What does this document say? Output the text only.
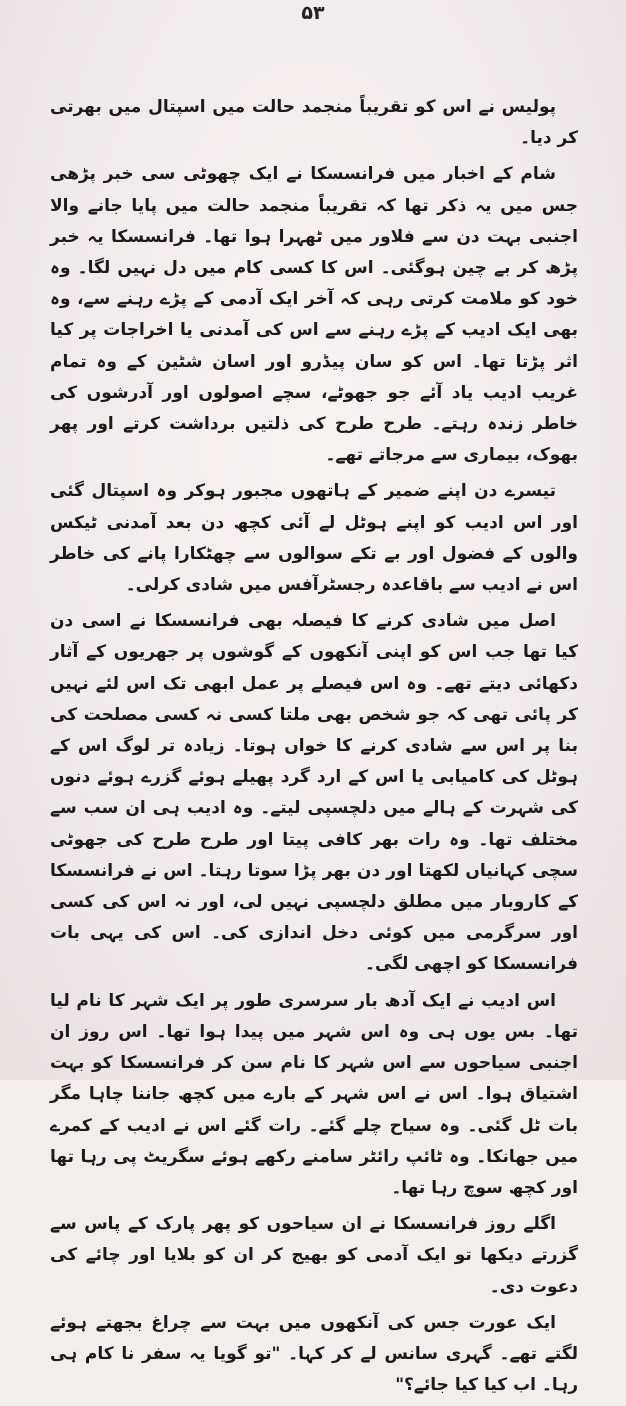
۵۳

پولیس نے اس کو تقریباً منجمد حالت میں اسپتال میں بھرتی کر دیا۔

شام کے اخبار میں فرانسسکا نے ایک چھوٹی سی خبر پڑھی جس میں یہ ذکر تھا کہ تقریباً منجمد حالت میں پایا جانے والا اجنبی بہت دن سے فلاور میں ٹھہرا ہوا تھا۔ فرانسسکا یہ خبر پڑھ کر بے چین ہوگئی۔ اس کا کسی کام میں دل نہیں لگا۔ وہ خود کو ملامت کرتی رہی کہ آخر ایک آدمی کے پڑے رہنے سے، وہ بھی ایک ادیب کے پڑے رہنے سے اس کی آمدنی یا اخراجات پر کیا اثر پڑتا تھا۔ اس کو سان پیڈرو اور اسان شٹین کے وہ تمام غریب ادیب یاد آئے جو جھوٹے، سچے اصولوں اور آدرشوں کی خاطر زندہ رہتے۔ طرح طرح کی ذلتیں برداشت کرتے اور پھر بھوک، بیماری سے مرجاتے تھے۔

تیسرے دن اپنے ضمیر کے ہاتھوں مجبور ہوکر وہ اسپتال گئی اور اس ادیب کو اپنے ہوٹل لے آئی کچھ دن بعد آمدنی ٹیکس والوں کے فضول اور بے تکے سوالوں سے چھٹکارا پانے کی خاطر اس نے ادیب سے باقاعدہ رجسٹرآفس میں شادی کرلی۔

اصل میں شادی کرنے کا فیصلہ بھی فرانسسکا نے اسی دن کیا تھا جب اس کو اپنی آنکھوں کے گوشوں پر جھریوں کے آثار دکھائی دیتے تھے۔ وہ اس فیصلے پر عمل ابھی تک اس لئے نہیں کر پائی تھی کہ جو شخص بھی ملتا کسی نہ کسی مصلحت کی بنا پر اس سے شادی کرنے کا خواں ہوتا۔ زیادہ تر لوگ اس کے ہوٹل کی کامیابی یا اس کے ارد گرد پھیلے ہوئے گزرے ہوئے دنوں کی شہرت کے ہالے میں دلچسپی لیتے۔ وہ ادیب ہی ان سب سے مختلف تھا۔ وہ رات بھر کافی پیتا اور طرح طرح کی جھوٹی سچی کہانیاں لکھتا اور دن بھر پڑا سوتا رہتا۔ اس نے فرانسسکا کے کاروبار میں مطلق دلچسپی نہیں لی، اور نہ اس کی کسی اور سرگرمی میں کوئی دخل اندازی کی۔ اس کی یہی بات فرانسسکا کو اچھی لگی۔

اس ادیب نے ایک آدھ بار سرسری طور پر ایک شہر کا نام لیا تھا۔ بس یوں ہی وہ اس شہر میں پیدا ہوا تھا۔ اس روز ان اجنبی سیاحوں سے اس شہر کا نام سن کر فرانسسکا کو بہت اشتیاق ہوا۔ اس نے اس شہر کے بارے میں کچھ جاننا چاہا مگر بات ٹل گئی۔ وہ سیاح چلے گئے۔ رات گئے اس نے ادیب کے کمرے میں جھانکا۔ وہ ٹائپ رائٹر سامنے رکھے ہوئے سگریٹ پی رہا تھا اور کچھ سوچ رہا تھا۔

اگلے روز فرانسسکا نے ان سیاحوں کو پھر پارک کے پاس سے گزرتے دیکھا تو ایک آدمی کو بھیج کر ان کو بلایا اور چائے کی دعوت دی۔

ایک عورت جس کی آنکھوں میں بہت سے چراغ بجھتے ہوئے لگتے تھے۔ گہری سانس لے کر کہا۔ "تو گویا یہ سفر نا کام ہی رہا۔ اب کیا کیا جائے؟"
